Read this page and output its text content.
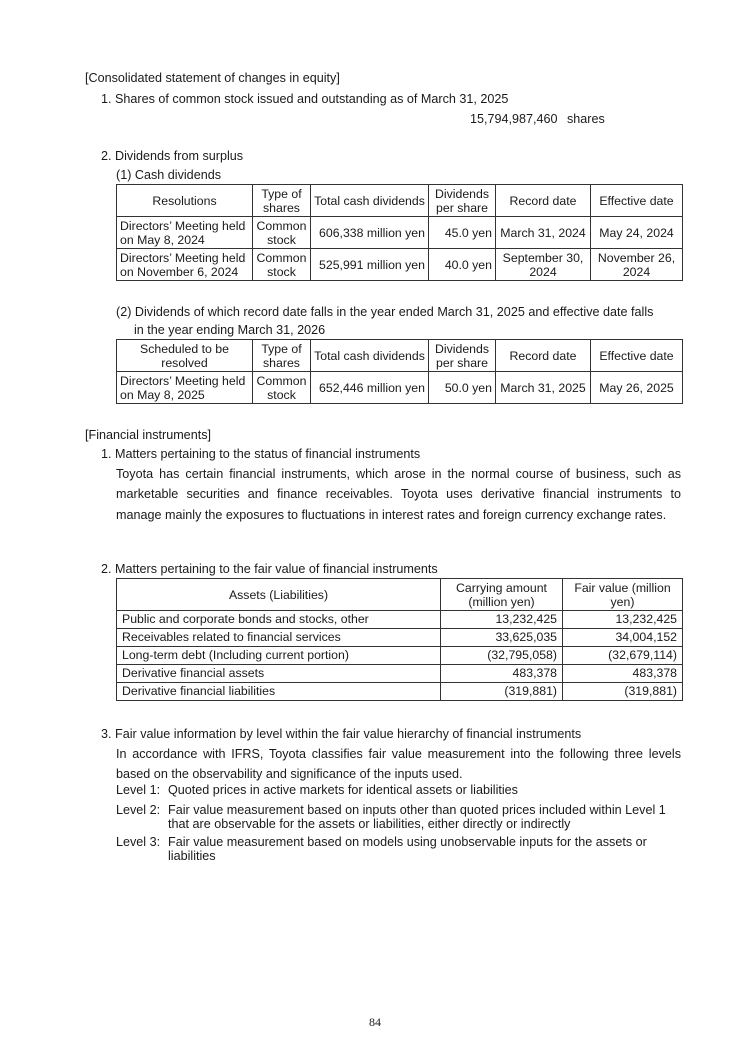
[Consolidated statement of changes in equity]
1. Shares of common stock issued and outstanding as of March 31, 2025
15,794,987,460 shares
2. Dividends from surplus
(1) Cash dividends
Resolutions	Type of shares	Total cash dividends	Dividends per share	Record date	Effective date
Directors’ Meeting held on May 8, 2024	Common stock	606,338 million yen	45.0 yen	March 31, 2024	May 24, 2024
Directors’ Meeting held on November 6, 2024	Common stock	525,991 million yen	40.0 yen	September 30, 2024	November 26, 2024
(2) Dividends of which record date falls in the year ended March 31, 2025 and effective date falls
in the year ending March 31, 2026
Scheduled to be resolved	Type of shares	Total cash dividends	Dividends per share	Record date	Effective date
Directors’ Meeting held on May 8, 2025	Common stock	652,446 million yen	50.0 yen	March 31, 2025	May 26, 2025
[Financial instruments]
1. Matters pertaining to the status of financial instruments
Toyota has certain financial instruments, which arose in the normal course of business, such as marketable securities and finance receivables. Toyota uses derivative financial instruments to manage mainly the exposures to fluctuations in interest rates and foreign currency exchange rates.
2. Matters pertaining to the fair value of financial instruments
Assets (Liabilities)	Carrying amount (million yen)	Fair value (million yen)
Public and corporate bonds and stocks, other	13,232,425	13,232,425
Receivables related to financial services	33,625,035	34,004,152
Long-term debt (Including current portion)	(32,795,058)	(32,679,114)
Derivative financial assets	483,378	483,378
Derivative financial liabilities	(319,881)	(319,881)
3. Fair value information by level within the fair value hierarchy of financial instruments
In accordance with IFRS, Toyota classifies fair value measurement into the following three levels based on the observability and significance of the inputs used.
Level 1: Quoted prices in active markets for identical assets or liabilities
Level 2: Fair value measurement based on inputs other than quoted prices included within Level 1 that are observable for the assets or liabilities, either directly or indirectly
Level 3: Fair value measurement based on models using unobservable inputs for the assets or liabilities
84
